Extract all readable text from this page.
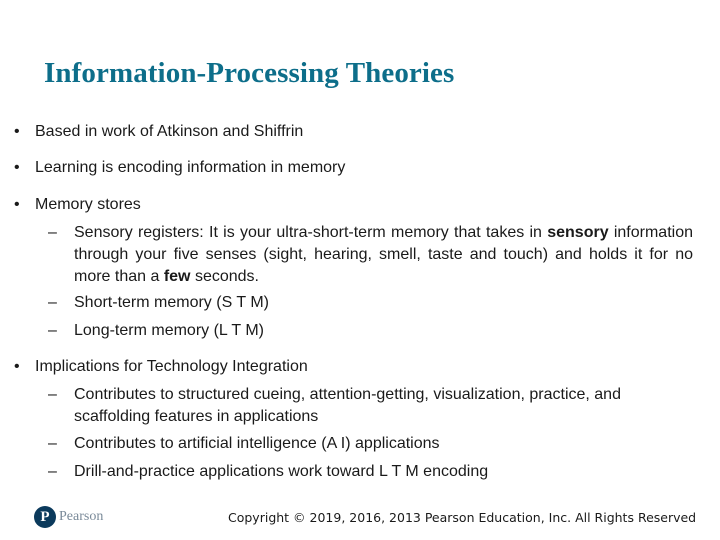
Information-Processing Theories
• Based in work of Atkinson and Shiffrin
• Learning is encoding information in memory
• Memory stores
– Sensory registers: It is your ultra-short-term memory that takes in sensory information through your five senses (sight, hearing, smell, taste and touch) and holds it for no more than a few seconds.
– Short-term memory (S T M)
– Long-term memory (L T M)
• Implications for Technology Integration
– Contributes to structured cueing, attention-getting, visualization, practice, and scaffolding features in applications
– Contributes to artificial intelligence (A I) applications
– Drill-and-practice applications work toward L T M encoding
P Pearson	Copyright © 2019, 2016, 2013 Pearson Education, Inc. All Rights Reserved
